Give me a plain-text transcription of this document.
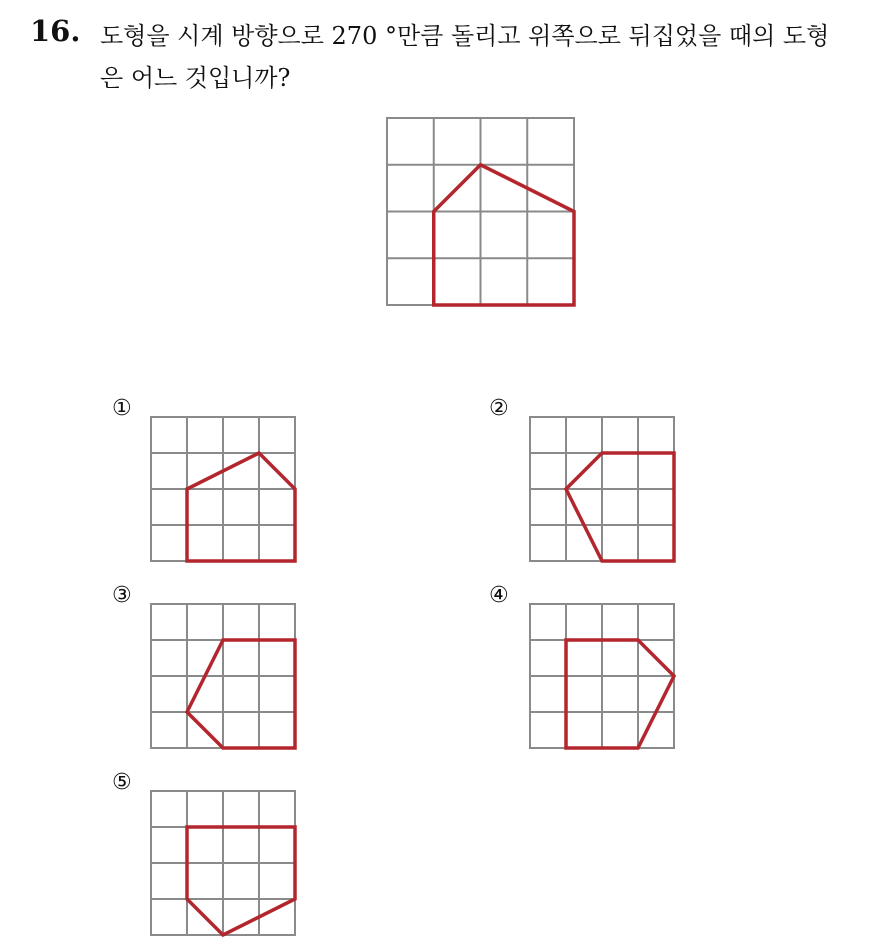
16. 도형을 시계 방향으로 270 °만큼 돌리고 위쪽으로 뒤집었을 때의 도형
은 어느 것입니까?
①	②
③	④
⑤
